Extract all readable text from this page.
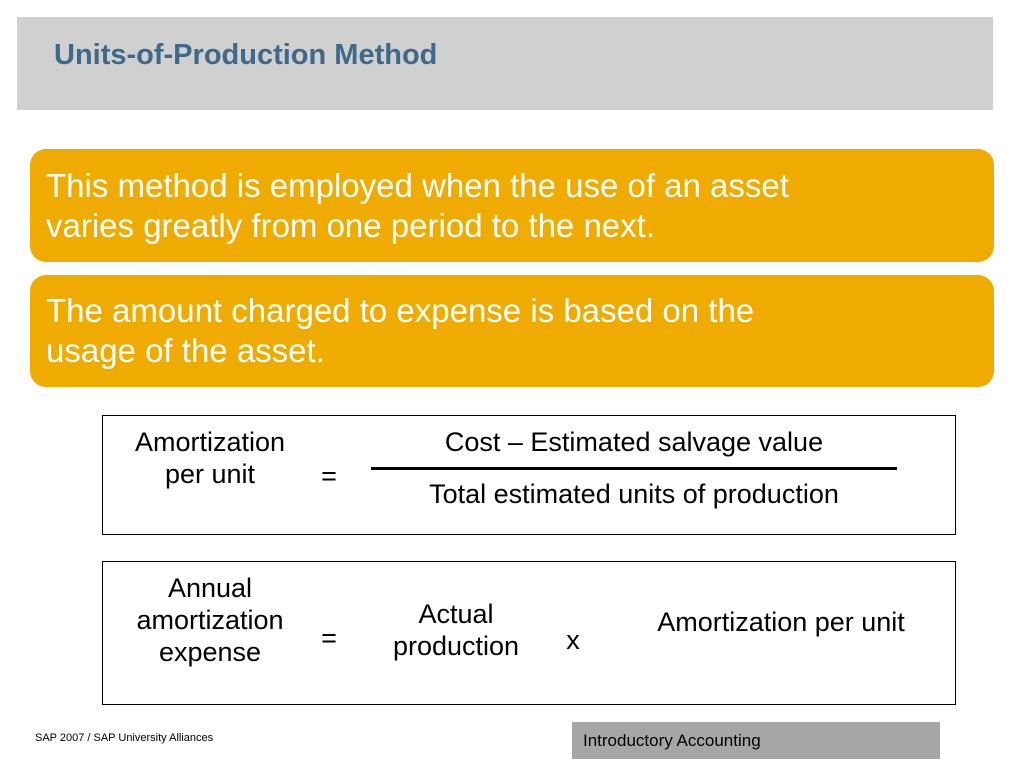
Units-of-Production Method
This method is employed when the use of an asset
varies greatly from one period to the next.
The amount charged to expense is based on the
usage of the asset.
Amortization
per unit	=
Cost – Estimated salvage value
Total estimated units of production
Annual
amortization
expense	=
Actual
production	x
Amortization per unit
SAP 2007 / SAP University Alliances	Introductory Accounting
